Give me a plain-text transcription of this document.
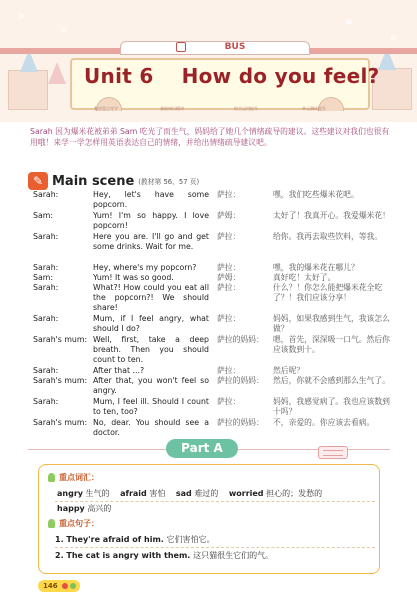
❄
❄
❄
❄
BUS
Unit 6 How do you feel?
教材重点导学	基础知识精讲	综合运用提升	单元测试提升
Sarah 因为爆米花被弟弟 Sam 吃光了而生气，妈妈给了她几个情绪疏导的建议。这些建议对我们也很有用哦！来学一学怎样用英语表达自己的情绪，并给出情绪疏导建议吧。
✎ Main scene (教材第 56、57 页)
Sarah:	Hey, let's have some popcorn.
萨拉：	嘿，我们吃些爆米花吧。
Sam:	Yum! I'm so happy. I love popcorn!
萨姆：	太好了！我真开心。我爱爆米花！
Sarah:	Here you are. I'll go and get some drinks. Wait for me.
萨拉：	给你。我再去取些饮料，等我。
Sarah:	Hey, where's my popcorn?	萨拉：	嘿，我的爆米花在哪儿？
Sam:	Yum! It was so good.	萨姆：	真好吃！太好了。
Sarah:	What?! How could you eat all the popcorn?! We should share!
萨拉：	什么？！你怎么能把爆米花全吃了？！我们应该分享！
Sarah:	Mum, if I feel angry, what should I do?
萨拉：	妈妈，如果我感到生气，我该怎么做？
Sarah's mum: Well, first, take a deep breath. Then you should count to ten.
萨拉的妈妈：	嗯，首先，深深吸一口气。然后你应该数到十。
Sarah:	After that ...?	萨拉：	然后呢？
Sarah's mum: After that, you won't feel so angry.
萨拉的妈妈：	然后，你就不会感到那么生气了。
Sarah:	Mum, I feel ill. Should I count to ten, too?
萨拉：	妈妈，我感觉病了。我也应该数到十吗？
Sarah's mum: No, dear. You should see a doctor.
萨拉的妈妈：	不，亲爱的。你应该去看病。
Part A
重点词汇：
angry 生气的 afraid 害怕 sad 难过的 worried 担心的；发愁的
happy 高兴的
重点句子：
1. They're afraid of him. 它们害怕它。
2. The cat is angry with them. 这只猫很生它们的气。
146
